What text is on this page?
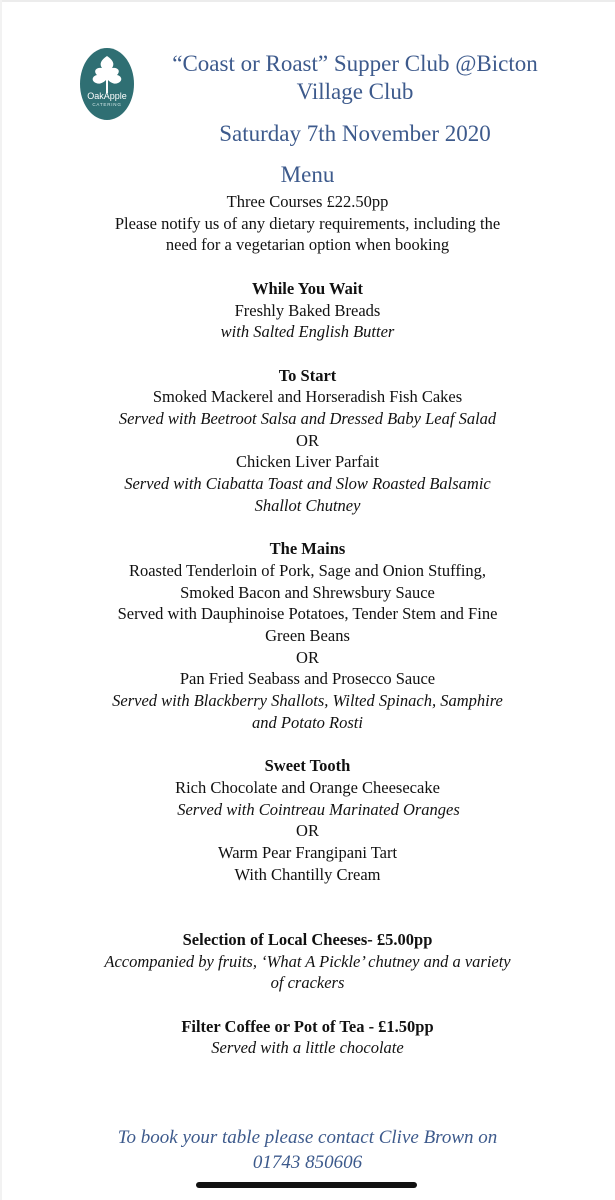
OakApple
CATERING
“Coast or Roast” Supper Club @Bicton
Village Club
Saturday 7th November 2020
Menu
Three Courses £22.50pp
Please notify us of any dietary requirements, including the
need for a vegetarian option when booking

While You Wait
Freshly Baked Breads
with Salted English Butter

To Start
Smoked Mackerel and Horseradish Fish Cakes
Served with Beetroot Salsa and Dressed Baby Leaf Salad
OR
Chicken Liver Parfait
Served with Ciabatta Toast and Slow Roasted Balsamic
Shallot Chutney

The Mains
Roasted Tenderloin of Pork, Sage and Onion Stuffing,
Smoked Bacon and Shrewsbury Sauce
Served with Dauphinoise Potatoes, Tender Stem and Fine
Green Beans
OR
Pan Fried Seabass and Prosecco Sauce
Served with Blackberry Shallots, Wilted Spinach, Samphire
and Potato Rosti

Sweet Tooth
Rich Chocolate and Orange Cheesecake
Served with Cointreau Marinated Oranges
OR
Warm Pear Frangipani Tart
With Chantilly Cream

Selection of Local Cheeses- £5.00pp
Accompanied by fruits, ‘What A Pickle’ chutney and a variety
of crackers

Filter Coffee or Pot of Tea - £1.50pp
Served with a little chocolate
To book your table please contact Clive Brown on
01743 850606
